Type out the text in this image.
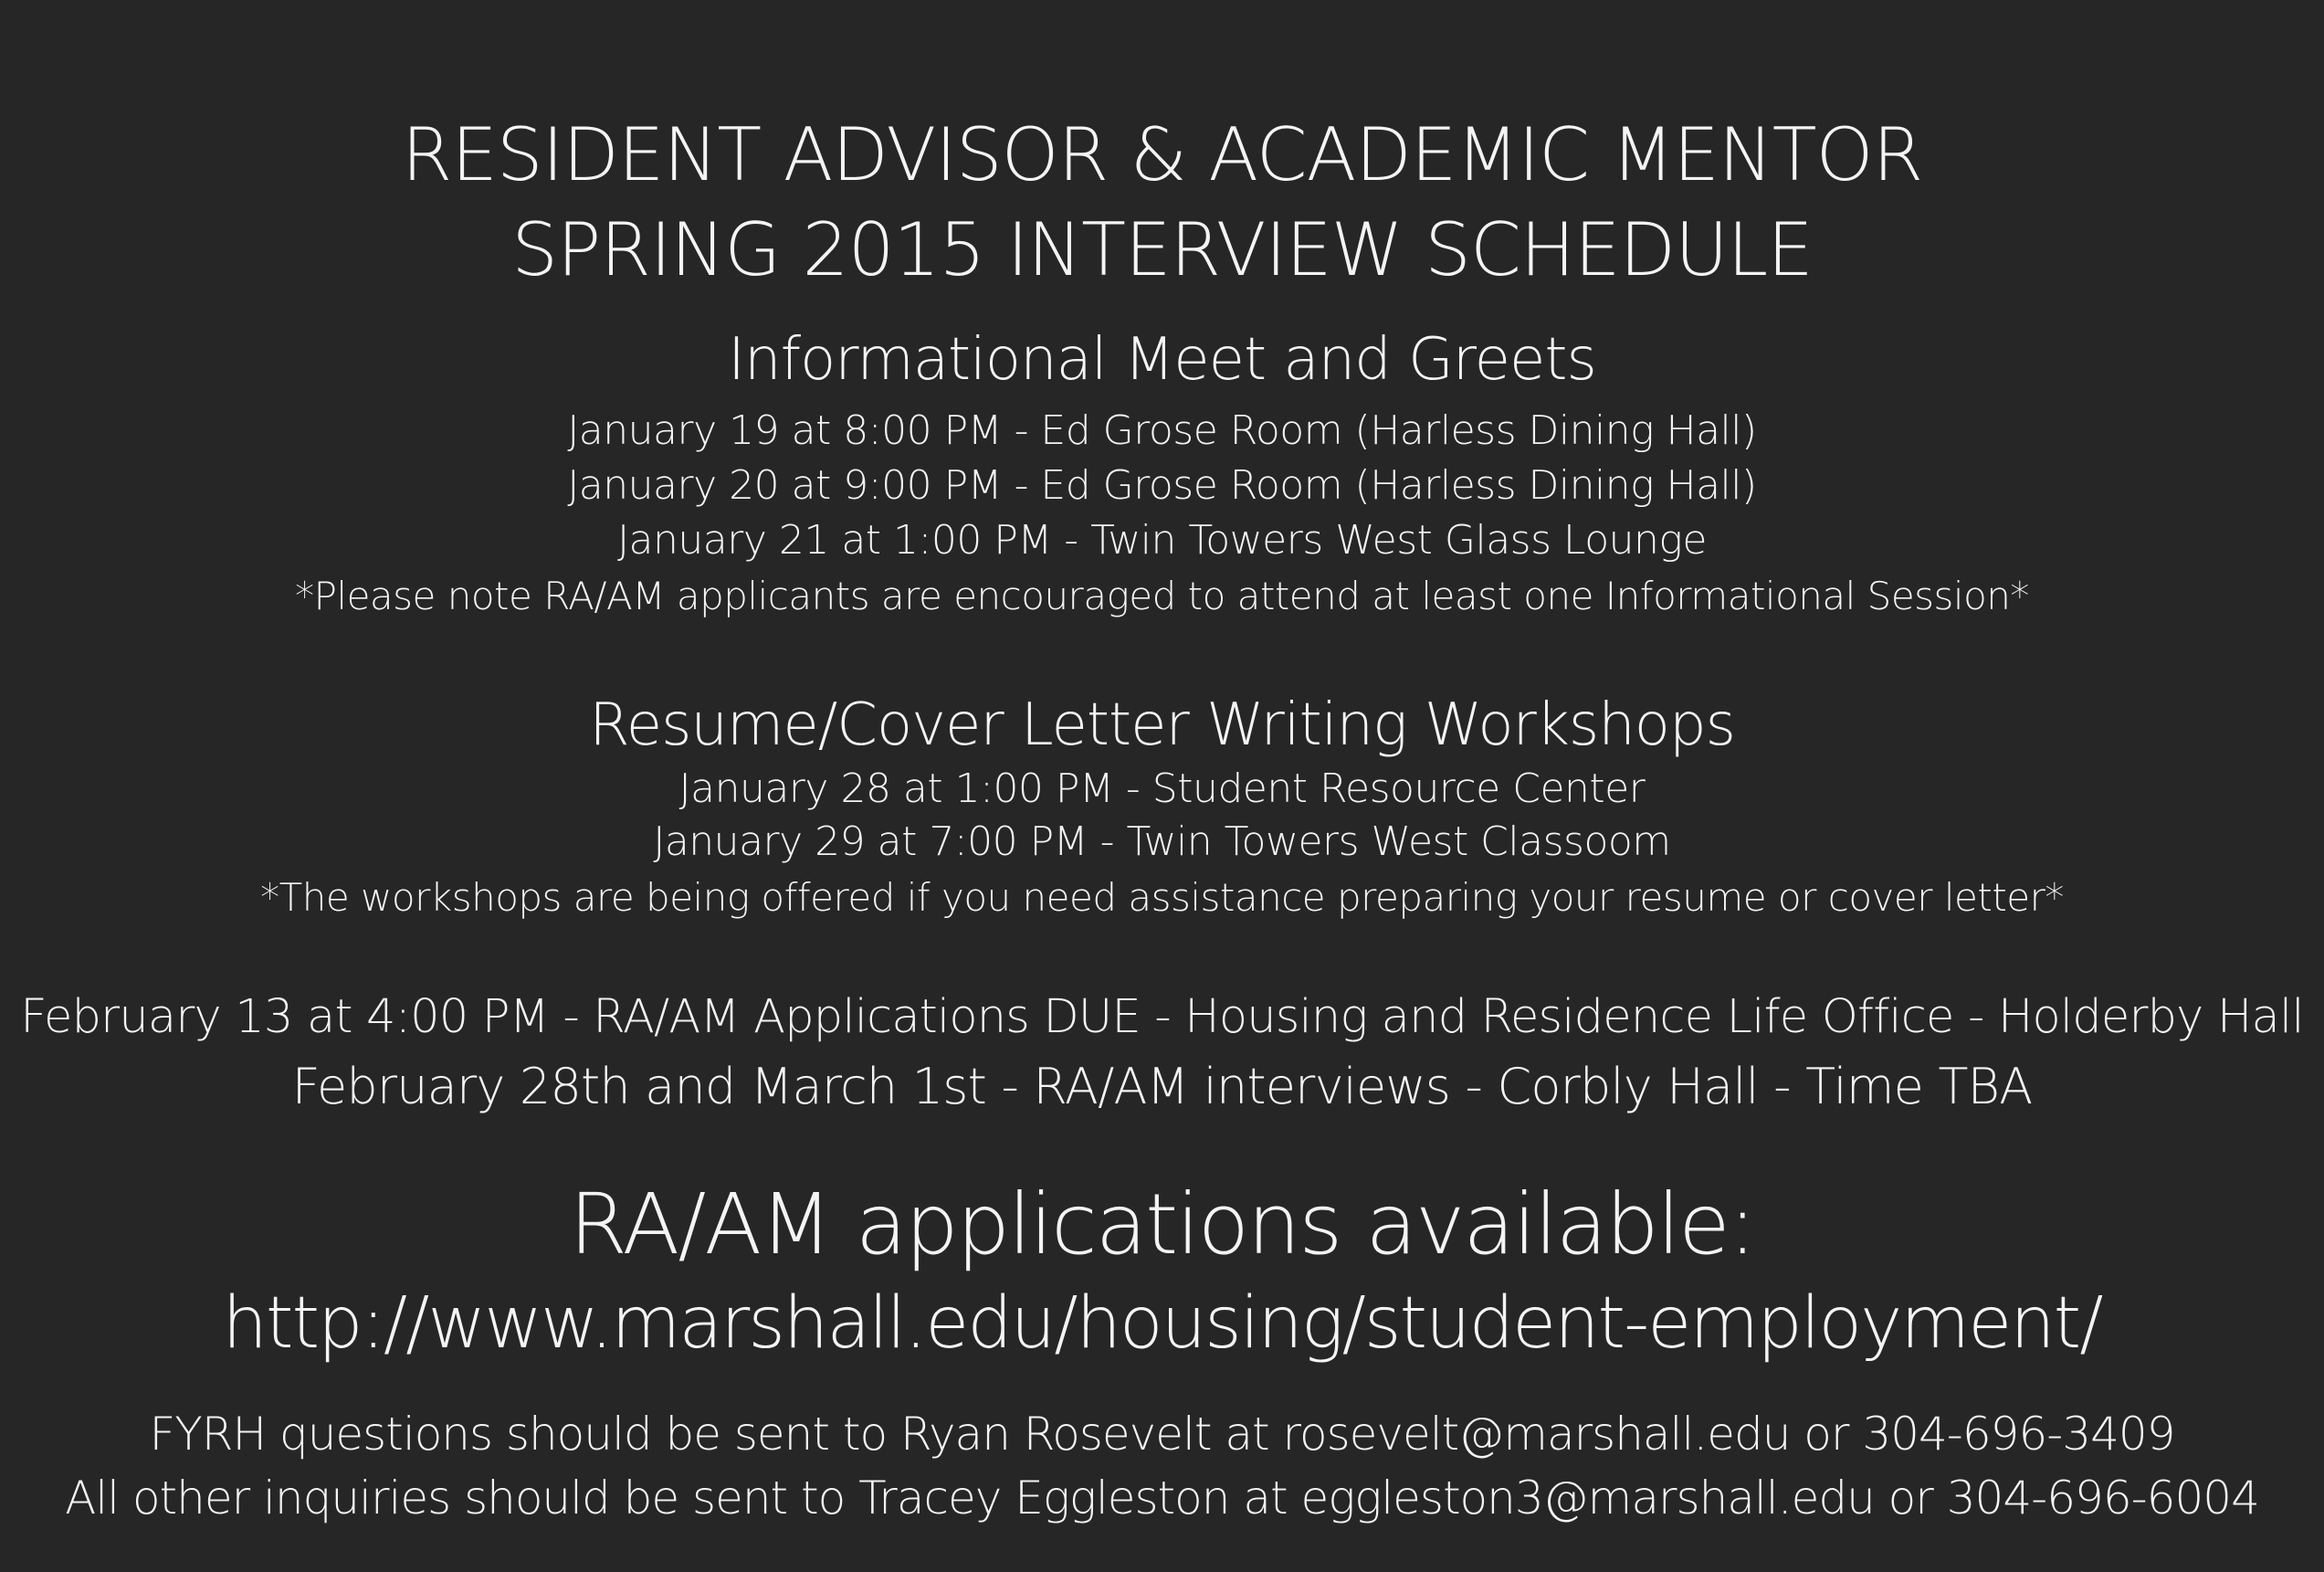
RESIDENT ADVISOR & ACADEMIC MENTOR
SPRING 2015 INTERVIEW SCHEDULE
Informational Meet and Greets
January 19 at 8:00 PM - Ed Grose Room (Harless Dining Hall)
January 20 at 9:00 PM - Ed Grose Room (Harless Dining Hall)
January 21 at 1:00 PM - Twin Towers West Glass Lounge
*Please note RA/AM applicants are encouraged to attend at least one Informational Session*
Resume/Cover Letter Writing Workshops
January 28 at 1:00 PM - Student Resource Center
January 29 at 7:00 PM - Twin Towers West Classoom
*The workshops are being offered if you need assistance preparing your resume or cover letter*
February 13 at 4:00 PM - RA/AM Applications DUE - Housing and Residence Life Office - Holderby Hall
February 28th and March 1st - RA/AM interviews - Corbly Hall - Time TBA
RA/AM applications available:
http://www.marshall.edu/housing/student-employment/
FYRH questions should be sent to Ryan Rosevelt at rosevelt@marshall.edu or 304-696-3409
All other inquiries should be sent to Tracey Eggleston at eggleston3@marshall.edu or 304-696-6004
